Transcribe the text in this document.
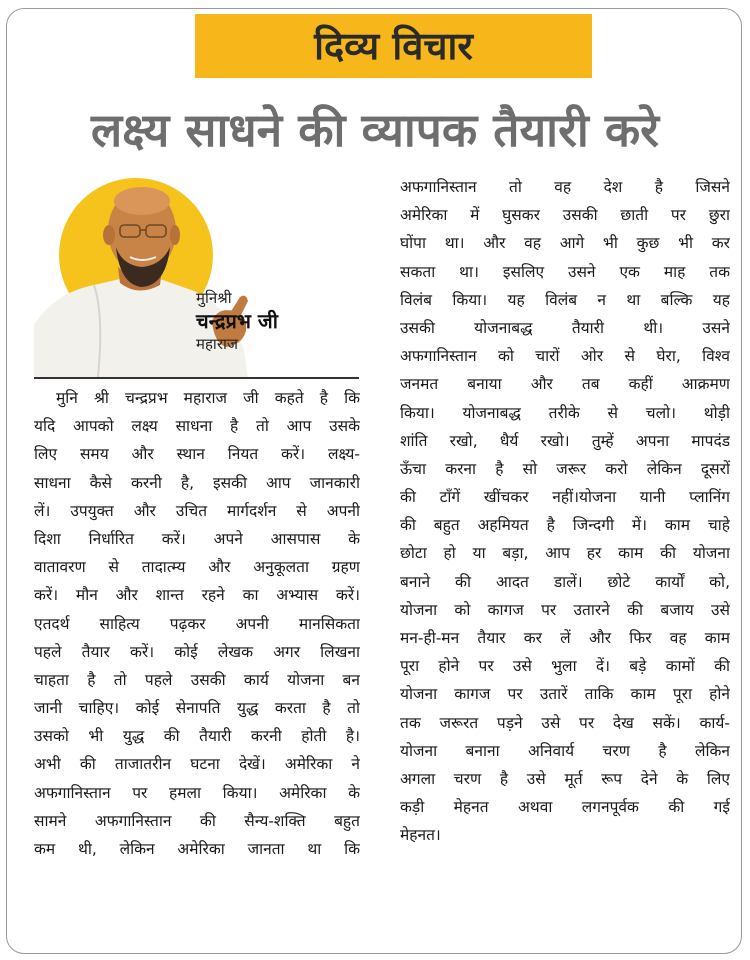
दिव्य विचार
लक्ष्य साधने की व्यापक तैयारी करे
मुनिश्री
चन्द्रप्रभ जी
महाराज
मुनि श्री चन्द्रप्रभ महाराज जी कहते है कि
यदि आपको लक्ष्य साधना है तो आप उसके
लिए समय और स्थान नियत करें। लक्ष्य-
साधना कैसे करनी है, इसकी आप जानकारी
लें। उपयुक्त और उचित मार्गदर्शन से अपनी
दिशा निर्धारित करें। अपने आसपास के
वातावरण से तादात्म्य और अनुकूलता ग्रहण
करें। मौन और शान्त रहने का अभ्यास करें।
एतदर्थ साहित्य पढ़कर अपनी मानसिकता
पहले तैयार करें। कोई लेखक अगर लिखना
चाहता है तो पहले उसकी कार्य योजना बन
जानी चाहिए। कोई सेनापति युद्ध करता है तो
उसको भी युद्ध की तैयारी करनी होती है।
अभी की ताजातरीन घटना देखें। अमेरिका ने
अफगानिस्तान पर हमला किया। अमेरिका के
सामने अफगानिस्तान की सैन्य-शक्ति बहुत
कम थी, लेकिन अमेरिका जानता था कि
अफगानिस्तान तो वह देश है जिसने
अमेरिका में घुसकर उसकी छाती पर छुरा
घोंपा था। और वह आगे भी कुछ भी कर
सकता था। इसलिए उसने एक माह तक
विलंब किया। यह विलंब न था बल्कि यह
उसकी योजनाबद्ध तैयारी थी। उसने
अफगानिस्तान को चारों ओर से घेरा, विश्व
जनमत बनाया और तब कहीं आक्रमण
किया। योजनाबद्ध तरीके से चलो। थोड़ी
शांति रखो, धैर्य रखो। तुम्हें अपना मापदंड
ऊँचा करना है सो जरूर करो लेकिन दूसरों
की टाँगें खींचकर नहीं।योजना यानी प्लानिंग
की बहुत अहमियत है जिन्दगी में। काम चाहे
छोटा हो या बड़ा, आप हर काम की योजना
बनाने की आदत डालें। छोटे कार्यों को,
योजना को कागज पर उतारने की बजाय उसे
मन-ही-मन तैयार कर लें और फिर वह काम
पूरा होने पर उसे भुला दें। बड़े कामों की
योजना कागज पर उतारें ताकि काम पूरा होने
तक जरूरत पड़ने उसे पर देख सकें। कार्य-
योजना बनाना अनिवार्य चरण है लेकिन
अगला चरण है उसे मूर्त रूप देने के लिए
कड़ी मेहनत अथवा लगनपूर्वक की गई
मेहनत।
